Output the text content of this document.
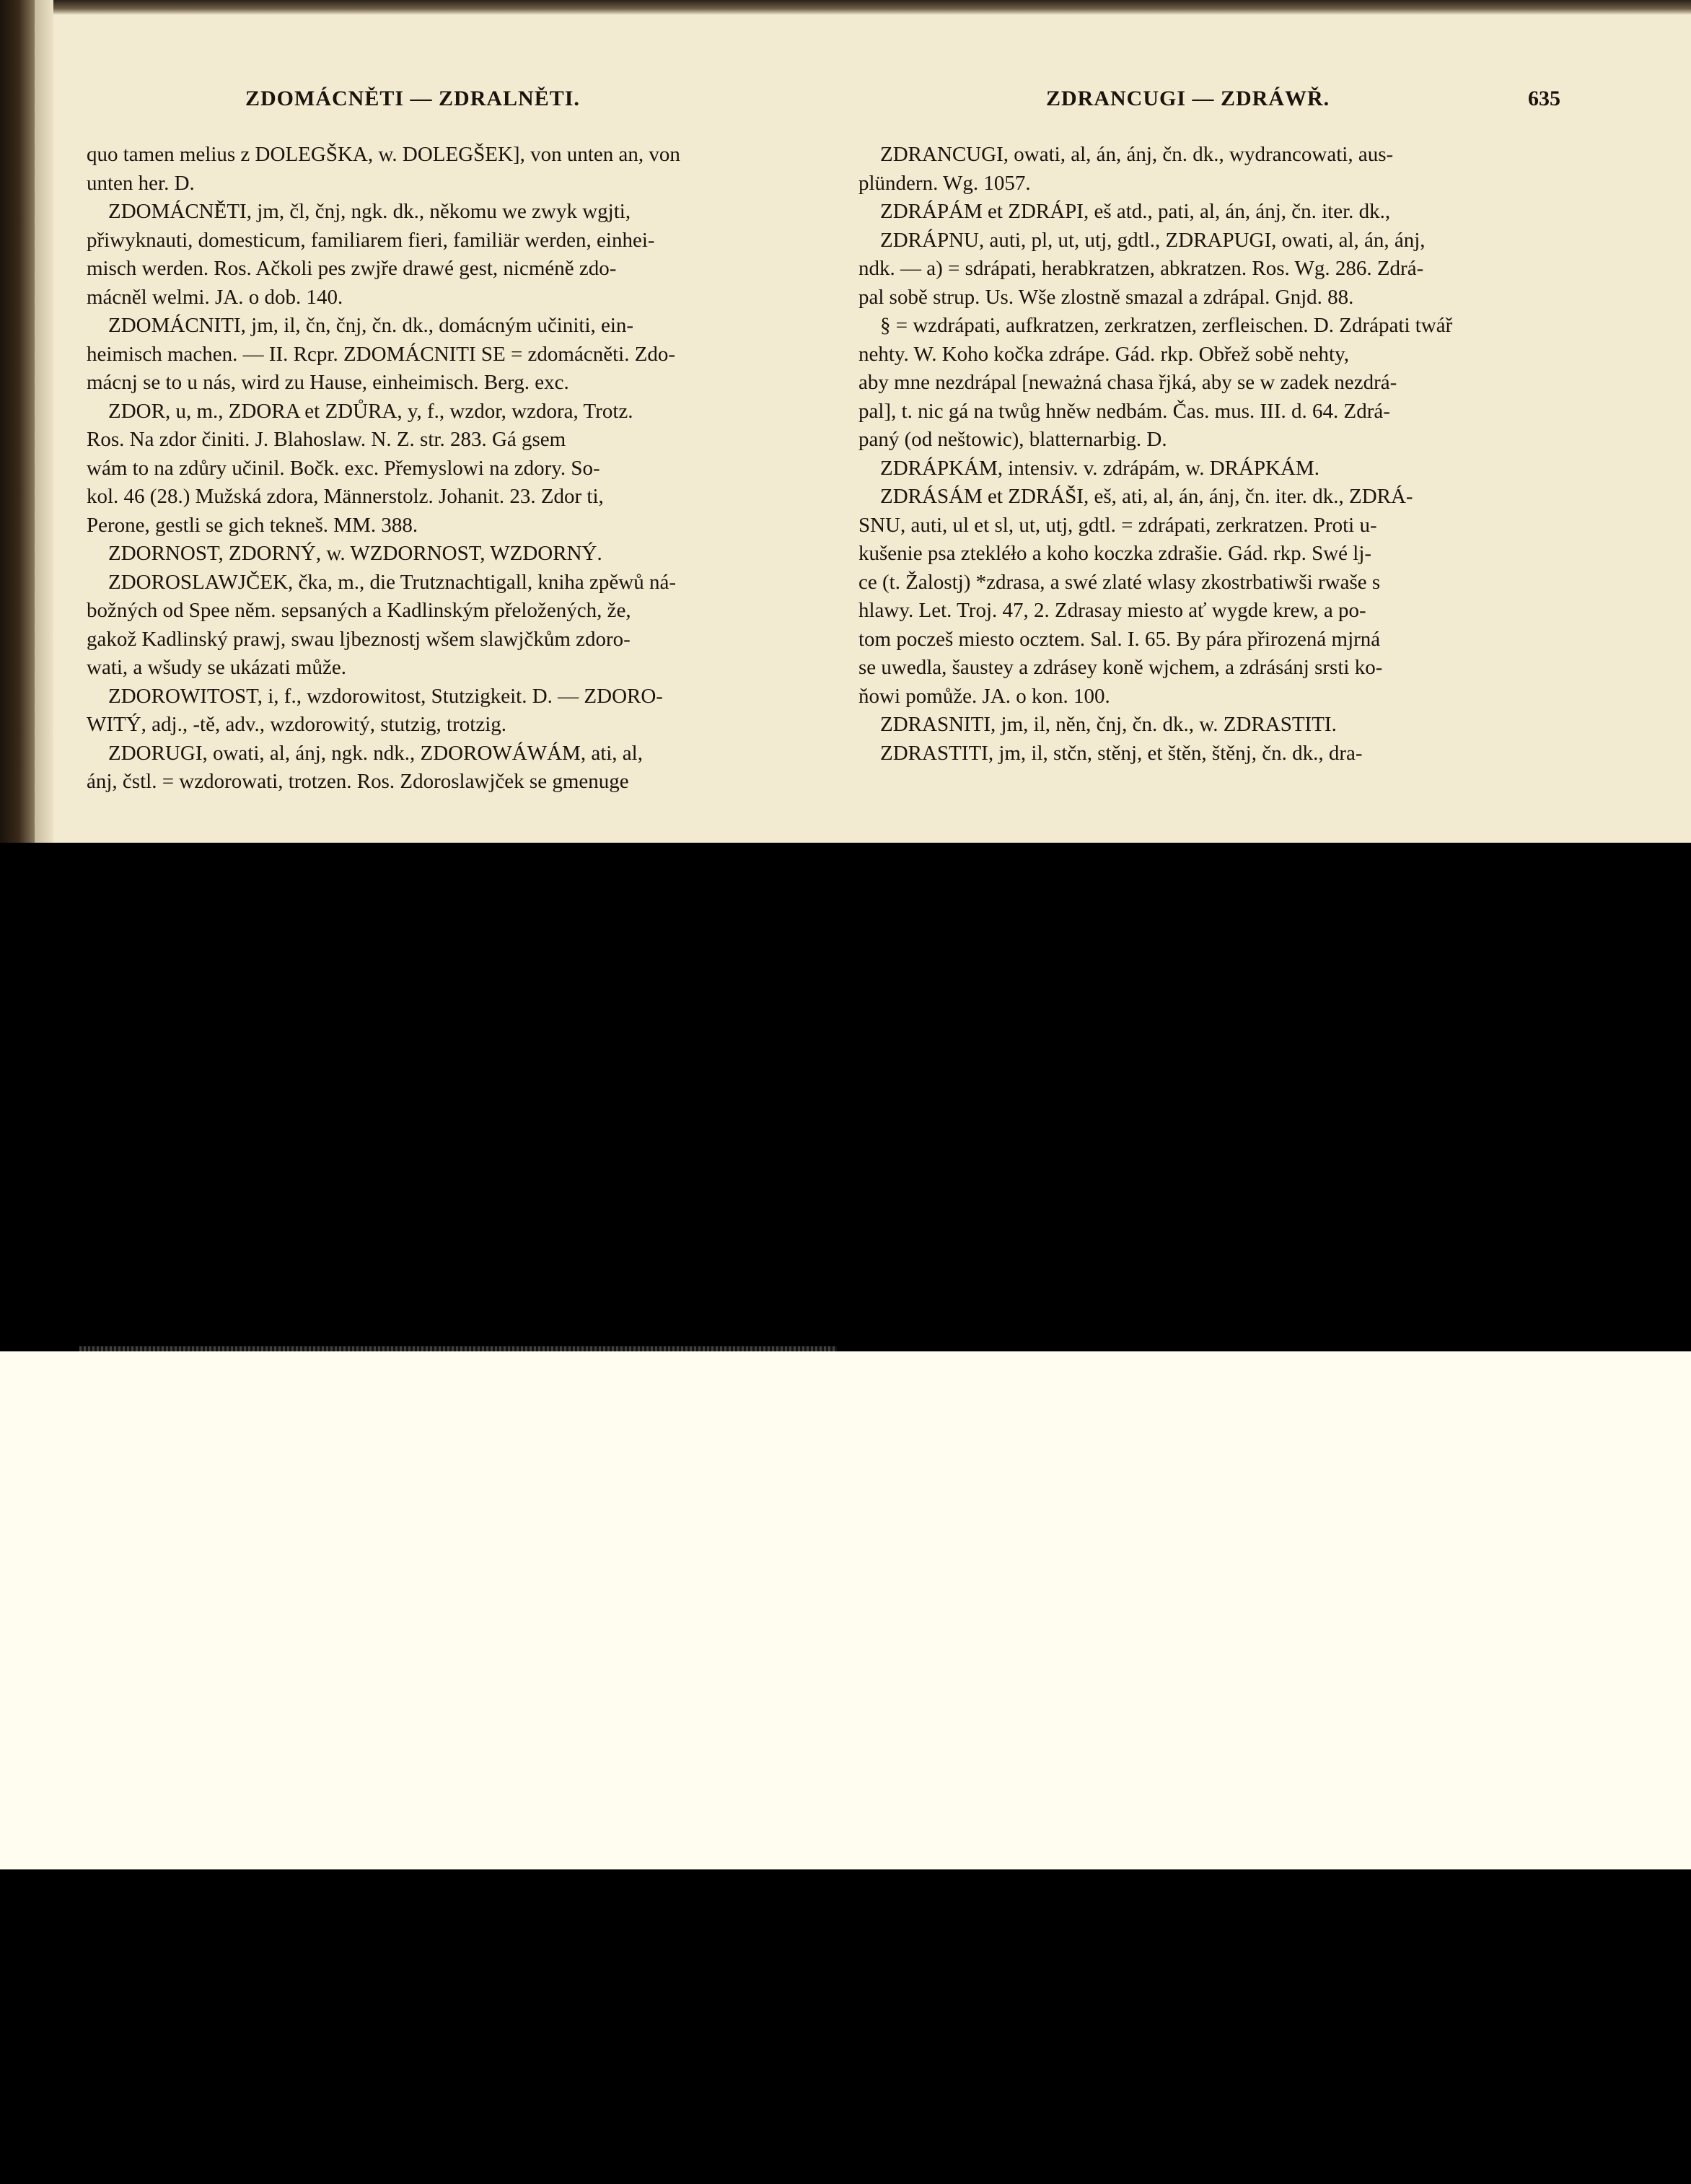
ZDOMÁCNĚTI — ZDRALNĚTI.	ZDRANCUGI — ZDRÁWŘ.	635
quo tamen melius z DOLEGŠKA, w. DOLEGŠEK], von unten an, von
unten her. D.
ZDOMÁCNĚTI, jm, čl, čnj, ngk. dk., někomu we zwyk wgjti,
přiwyknauti, domesticum, familiarem fieri, familiär werden, einhei-
misch werden. Ros. Ačkoli pes zwjře drawé gest, nicméně zdo-
mácněl welmi. JA. o dob. 140.
ZDOMÁCNITI, jm, il, čn, čnj, čn. dk., domácným učiniti, ein-
heimisch machen. — II. Rcpr. ZDOMÁCNITI SE = zdomácněti. Zdo-
mácnj se to u nás, wird zu Hause, einheimisch. Berg. exc.
ZDOR, u, m., ZDORA et ZDŮRA, y, f., wzdor, wzdora, Trotz.
Ros. Na zdor činiti. J. Blahoslaw. N. Z. str. 283. Gá gsem
wám to na zdůry učinil. Bočk. exc. Přemyslowi na zdory. So-
kol. 46 (28.) Mužská zdora, Männerstolz. Johanit. 23. Zdor ti,
Perone, gestli se gich tekneš. MM. 388.
ZDORNOST, ZDORNÝ, w. WZDORNOST, WZDORNÝ.
ZDOROSLAWJČEK, čka, m., die Trutznachtigall, kniha zpěwů ná-
božných od Spee něm. sepsaných a Kadlinským přeložených, že,
gakož Kadlinský prawj, swau ljbeznostj wšem slawjčkům zdoro-
wati, a wšudy se ukázati může.
ZDOROWITOST, i, f., wzdorowitost, Stutzigkeit. D. — ZDORO-
WITÝ, adj., -tě, adv., wzdorowitý, stutzig, trotzig.
ZDORUGI, owati, al, ánj, ngk. ndk., ZDOROWÁWÁM, ati, al,
ánj, čstl. = wzdorowati, trotzen. Ros. Zdoroslawjček se gmenuge
ZDRANCUGI, owati, al, án, ánj, čn. dk., wydrancowati, aus-
plündern. Wg. 1057.
ZDRÁPÁM et ZDRÁPI, eš atd., pati, al, án, ánj, čn. iter. dk.,
ZDRÁPNU, auti, pl, ut, utj, gdtl., ZDRAPUGI, owati, al, án, ánj,
ndk. — a) = sdrápati, herabkratzen, abkratzen. Ros. Wg. 286. Zdrá-
pal sobě strup. Us. Wše zlostně smazal a zdrápal. Gnjd. 88.
§ = wzdrápati, aufkratzen, zerkratzen, zerfleischen. D. Zdrápati twář
nehty. W. Koho kočka zdrápe. Gád. rkp. Obřež sobě nehty,
aby mne nezdrápal [neważná chasa řjká, aby se w zadek nezdrá-
pal], t. nic gá na twůg hněw nedbám. Čas. mus. III. d. 64. Zdrá-
paný (od neštowic), blatternarbig. D.
ZDRÁPKÁM, intensiv. v. zdrápám, w. DRÁPKÁM.
ZDRÁSÁM et ZDRÁŠI, eš, ati, al, án, ánj, čn. iter. dk., ZDRÁ-
SNU, auti, ul et sl, ut, utj, gdtl. = zdrápati, zerkratzen. Proti u-
kušenie psa ztekléło a koho koczka zdrašie. Gád. rkp. Swé lj-
ce (t. Žalostj) *zdrasa, a swé zlaté wlasy zkostrbatiwši rwaše s
hlawy. Let. Troj. 47, 2. Zdrasay miesto ať wygde krew, a po-
tom poczeš miesto ocztem. Sal. I. 65. By pára přirozená mjrná
se uwedla, šaustey a zdrásey koně wjchem, a zdrásánj srsti ko-
ňowi pomůže. JA. o kon. 100.
ZDRASNITI, jm, il, něn, čnj, čn. dk., w. ZDRASTITI.
ZDRASTITI, jm, il, stčn, stěnj, et štěn, štěnj, čn. dk., dra-
